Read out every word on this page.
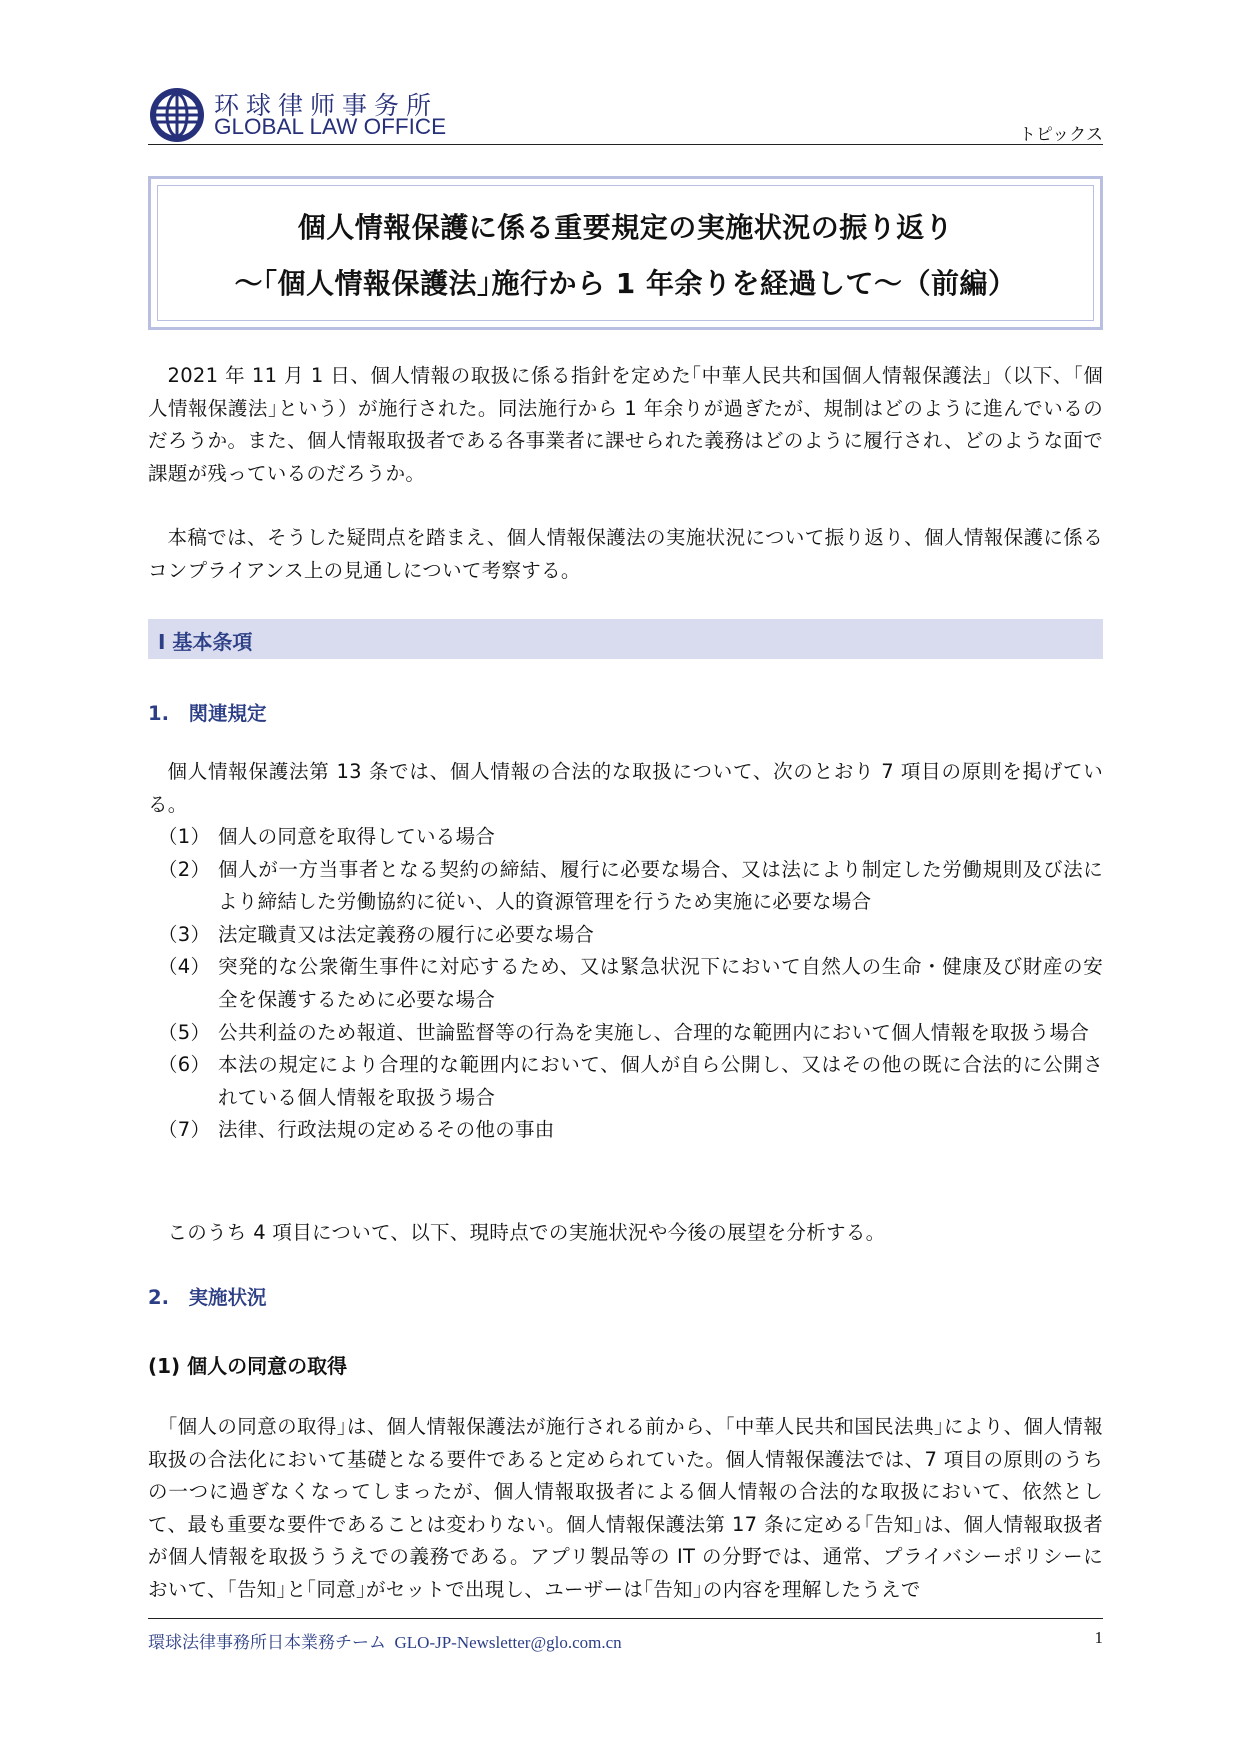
环球律师事务所
GLOBAL LAW OFFICE	トピックス
個人情報保護に係る重要規定の実施状況の振り返り
～｢個人情報保護法｣施行から 1 年余りを経過して～（前編）

2021 年 11 月 1 日、個人情報の取扱に係る指針を定めた｢中華人民共和国個人情報保護法｣（以下、｢個人情報保護法｣という）が施行された。同法施行から 1 年余りが過ぎたが、規制はどのように進んでいるのだろうか。また、個人情報取扱者である各事業者に課せられた義務はどのように履行され、どのような面で課題が残っているのだろうか。

本稿では、そうした疑問点を踏まえ、個人情報保護法の実施状況について振り返り、個人情報保護に係るコンプライアンス上の見通しについて考察する。

I 基本条項
1.　関連規定

個人情報保護法第 13 条では、個人情報の合法的な取扱について、次のとおり 7 項目の原則を掲げている。

（1） 個人の同意を取得している場合
（2） 個人が一方当事者となる契約の締結、履行に必要な場合、又は法により制定した労働規則及び法により締結した労働協約に従い、人的資源管理を行うため実施に必要な場合
（3） 法定職責又は法定義務の履行に必要な場合
（4） 突発的な公衆衛生事件に対応するため、又は緊急状況下において自然人の生命・健康及び財産の安全を保護するために必要な場合
（5） 公共利益のため報道、世論監督等の行為を実施し、合理的な範囲内において個人情報を取扱う場合
（6） 本法の規定により合理的な範囲内において、個人が自ら公開し、又はその他の既に合法的に公開されている個人情報を取扱う場合
（7） 法律、行政法規の定めるその他の事由

このうち 4 項目について、以下、現時点での実施状況や今後の展望を分析する。

2.　実施状況
(1) 個人の同意の取得

｢個人の同意の取得｣は、個人情報保護法が施行される前から、｢中華人民共和国民法典｣により、個人情報取扱の合法化において基礎となる要件であると定められていた。個人情報保護法では、7 項目の原則のうちの一つに過ぎなくなってしまったが、個人情報取扱者による個人情報の合法的な取扱において、依然として、最も重要な要件であることは変わりない。個人情報保護法第 17 条に定める｢告知｣は、個人情報取扱者が個人情報を取扱ううえでの義務である。アプリ製品等の IT の分野では、通常、プライバシーポリシーにおいて、｢告知｣と｢同意｣がセットで出現し、ユーザーは｢告知｣の内容を理解したうえで

環球法律事務所日本業務チーム GLO-JP-Newsletter@glo.com.cn	1
